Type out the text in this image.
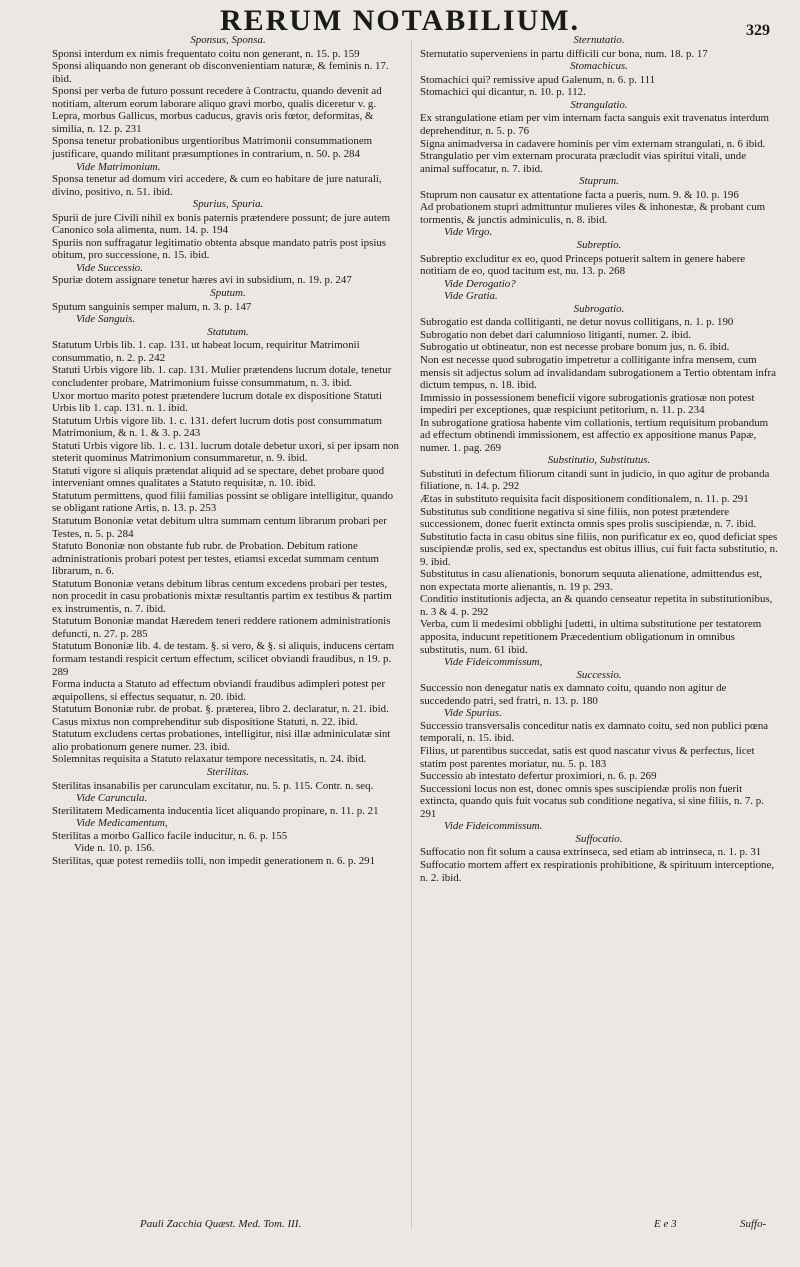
RERUM NOTABILIUM.	329
Sponsus, Sponsa.
Sponsi interdum ex nimis frequentato coitu non generant, n. 15. p. 159
Sponsi aliquando non generant ob disconvenientiam naturæ, & feminis n. 17. ibid.
Sponsi per verba de futuro possunt recedere à Contractu, quando devenit ad notitiam, alterum eorum laborare aliquo gravi morbo, qualis diceretur v. g. Lepra, morbus Gallicus, morbus caducus, gravis oris fœtor, deformitas, & similia, n. 12. p. 231
Sponsa tenetur probationibus urgentioribus Matrimonii consummationem justificare, quando militant præsumptiones in contrarium, n. 50. p. 284
Vide Matrimonium.
Sponsa tenetur ad domum viri accedere, & cum eo habitare de jure naturali, divino, positivo, n. 51. ibid.
Spurius, Spuria.
Spurii de jure Civili nihil ex bonis paternis prætendere possunt; de jure autem Canonico sola alimenta, num. 14. p. 194
Spuriis non suffragatur legitimatio obtenta absque mandato patris post ipsius obitum, pro successione, n. 15. ibid.
Vide Successio.
Spuriæ dotem assignare tenetur hæres avi in subsidium, n. 19. p. 247
Sputum.
Sputum sanguinis semper malum, n. 3. p. 147
Vide Sanguis.
Statutum.
Statutum Urbis lib. 1. cap. 131. ut habeat locum, requiritur Matrimonii consummatio, n. 2. p. 242
Statuti Urbis vigore lib. 1. cap. 131. Mulier prætendens lucrum dotale, tenetur concludenter probare, Matrimonium fuisse consummatum, n. 3. ibid.
Uxor mortuo marito potest prætendere lucrum dotale ex dispositione Statuti Urbis lib 1. cap. 131. n. 1. ibid.
Statutum Urbis vigore lib. 1. c. 131. defert lucrum dotis post consummatum Matrimonium, & n. 1. & 3. p. 243
Statuti Urbis vigore lib. 1. c. 131. lucrum dotale debetur uxori, si per ipsam non steterit quominus Matrimonium consummaretur, n. 9. ibid.
Statuti vigore si aliquis prætendat aliquid ad se spectare, debet probare quod interveniant omnes qualitates a Statuto requisitæ, n. 10. ibid.
Statutum permittens, quod filii familias possint se obligare intelligitur, quando se obligant ratione Artis, n. 13. p. 253
Statutum Bononiæ vetat debitum ultra summam centum librarum probari per Testes, n. 5. p. 284
Statuto Bononiæ non obstante fub rubr. de Probation. Debitum ratione administrationis probari potest per testes, etiamsi excedat summam centum librarum, n. 6.
Statutum Bononiæ vetans debitum libras centum excedens probari per testes, non procedit in casu probationis mixtæ resultantis partim ex testibus & partim ex instrumentis, n. 7. ibid.
Statutum Bononiæ mandat Hæredem teneri reddere rationem administrationis defuncti, n. 27. p. 285
Statutum Bononiæ lib. 4. de testam. §. si vero, & §. si aliquis, inducens certam formam testandi respicit certum effectum, scilicet obviandi fraudibus, n 19. p. 289
Forma inducta a Statuto ad effectum obviandi fraudibus adimpleri potest per æquipollens, si effectus sequatur, n. 20. ibid.
Statutum Bononiæ rubr. de probat. §. præterea, libro 2. declaratur, n. 21. ibid.
Casus mixtus non comprehenditur sub dispositione Statuti, n. 22. ibid.
Statutum excludens certas probationes, intelligitur, nisi illæ adminiculatæ sint alio probationum genere numer. 23. ibid.
Solemnitas requisita a Statuto relaxatur tempore necessitatis, n. 24. ibid.
Sterilitas.
Sterilitas insanabilis per carunculam excitatur, nu. 5. p. 115. Contr. n. seq.
Vide Caruncula.
Sterilitatem Medicamenta inducentia licet aliquando propinare, n. 11. p. 21
Vide Medicamentum,
Sterilitas a morbo Gallico facile inducitur, n. 6. p. 155
Vide n. 10. p. 156.
Sterilitas, quæ potest remediis tolli, non impedit generationem n. 6. p. 291
Sternutatio.
Sternutatio superveniens in partu difficili cur bona, num. 18. p. 17
Stomachicus.
Stomachici qui? remissive apud Galenum, n. 6. p. 111
Stomachici qui dicantur, n. 10. p. 112.
Strangulatio.
Ex strangulatione etiam per vim internam facta sanguis exit travenatus interdum deprehenditur, n. 5. p. 76
Signa animadversa in cadavere hominis per vim externam strangulati, n. 6 ibid.
Strangulatio per vim externam procurata præcludit vias spiritui vitali, unde animal suffocatur, n. 7. ibid.
Stuprum.
Stuprum non causatur ex attentatione facta a pueris, num. 9. & 10. p. 196
Ad probationem stupri admittuntur mulieres viles & inhonestæ, & probant cum tormentis, & junctis adminiculis, n. 8. ibid.
Vide Virgo.
Subreptio.
Subreptio excluditur ex eo, quod Princeps potuerit saltem in genere habere notitiam de eo, quod tacitum est, nu. 13. p. 268
Vide Derogatio?
Vide Gratia.
Subrogatio.
Subrogatio est danda collitiganti, ne detur novus collitigans, n. 1. p. 190
Subrogatio non debet dari calumnioso litiganti, numer. 2. ibid.
Subrogatio ut obtineatur, non est necesse probare bonum jus, n. 6. ibid.
Non est necesse quod subrogatio impetretur a collitigante infra mensem, cum mensis sit adjectus solum ad invalidandam subrogationem a Tertio obtentam infra dictum tempus, n. 18. ibid.
Immissio in possessionem beneficii vigore subrogationis gratiosæ non potest impediri per exceptiones, quæ respiciunt petitorium, n. 11. p. 234
In subrogatione gratiosa habente vim collationis, tertium requisitum probandum ad effectum obtinendi immissionem, est affectio ex appositione manus Papæ, numer. 1. pag. 269
Substitutio, Substitutus.
Substituti in defectum filiorum citandi sunt in judicio, in quo agitur de probanda filiatione, n. 14. p. 292
Ætas in substituto requisita facit dispositionem conditionalem, n. 11. p. 291
Substitutus sub conditione negativa si sine filiis, non potest prætendere successionem, donec fuerit extincta omnis spes prolis suscipiendæ, n. 7. ibid.
Substitutio facta in casu obitus sine filiis, non purificatur ex eo, quod deficiat spes suscipiendæ prolis, sed ex, spectandus est obitus illius, cui fuit facta substitutio, n. 9. ibid.
Substitutus in casu alienationis, bonorum sequuta alienatione, admittendus est, non expectata morte alienantis, n. 19 p. 293.
Conditio institutionis adjecta, an & quando censeatur repetita in substitutionibus, n. 3 & 4. p. 292
Verba, cum li medesimi obblighi [udetti, in ultima substitutione per testatorem apposita, inducunt repetitionem Præcedentium obligationum in omnibus substitutis, num. 61 ibid.
Vide Fideicommissum,
Successio.
Successio non denegatur natis ex damnato coitu, quando non agitur de succedendo patri, sed fratri, n. 13. p. 180
Vide Spurius.
Successio transversalis conceditur natis ex damnato coitu, sed non publici pœna temporali, n. 15. ibid.
Filius, ut parentibus succedat, satis est quod nascatur vivus & perfectus, licet statim post parentes moriatur, nu. 5. p. 183
Successio ab intestato defertur proximiori, n. 6. p. 269
Successioni locus non est, donec omnis spes suscipiendæ prolis non fuerit extincta, quando quis fuit vocatus sub conditione negativa, si sine filiis, n. 7. p. 291
Vide Fideicommissum.
Suffocatio.
Suffocatio non fit solum a causa extrinseca, sed etiam ab intrinseca, n. 1. p. 31
Suffocatio mortem affert ex respirationis prohibitione, & spirituum interceptione, n. 2. ibid.
Pauli Zacchia Quæst. Med. Tom. III.	E e 3	Suffo-
